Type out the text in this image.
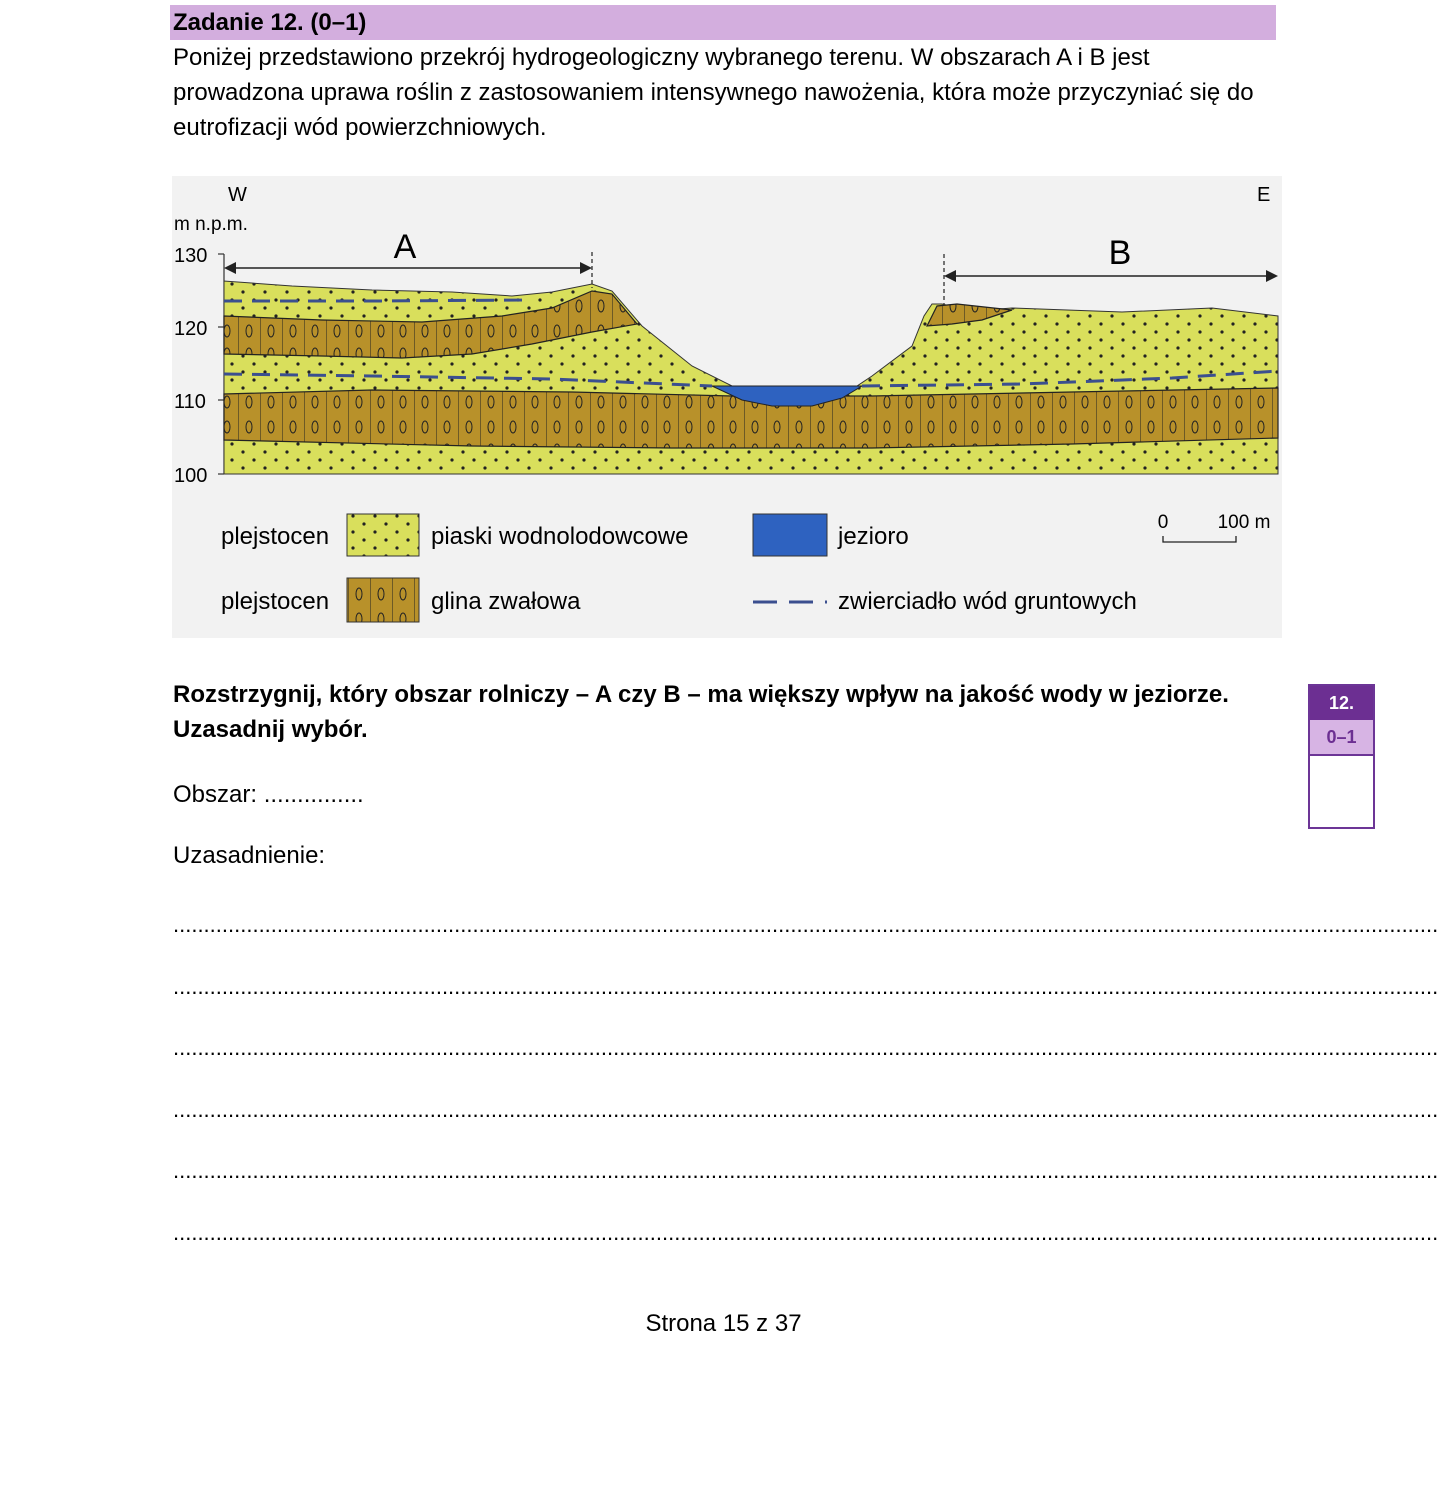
Zadanie 12. (0–1)
Poniżej przedstawiono przekrój hydrogeologiczny wybranego terenu. W obszarach A i B jest prowadzona uprawa roślin z zastosowaniem intensywnego nawożenia, która może przyczyniać się do eutrofizacji wód powierzchniowych.
W	E
m n.p.m.
130
120
110
100
A	B
plejstocen	piaski wodnolodowcowe
plejstocen	glina zwałowa
jezioro
zwierciadło wód gruntowych
0	100 m
Rozstrzygnij, który obszar rolniczy – A czy B – ma większy wpływ na jakość wody w jeziorze. Uzasadnij wybór.
Obszar: ...............
Uzasadnienie:
...............................................................................................................................................................................................................
...............................................................................................................................................................................................................
...............................................................................................................................................................................................................
...............................................................................................................................................................................................................
...............................................................................................................................................................................................................
...............................................................................................................................................................................................................
12.
0–1
Strona 15 z 37
